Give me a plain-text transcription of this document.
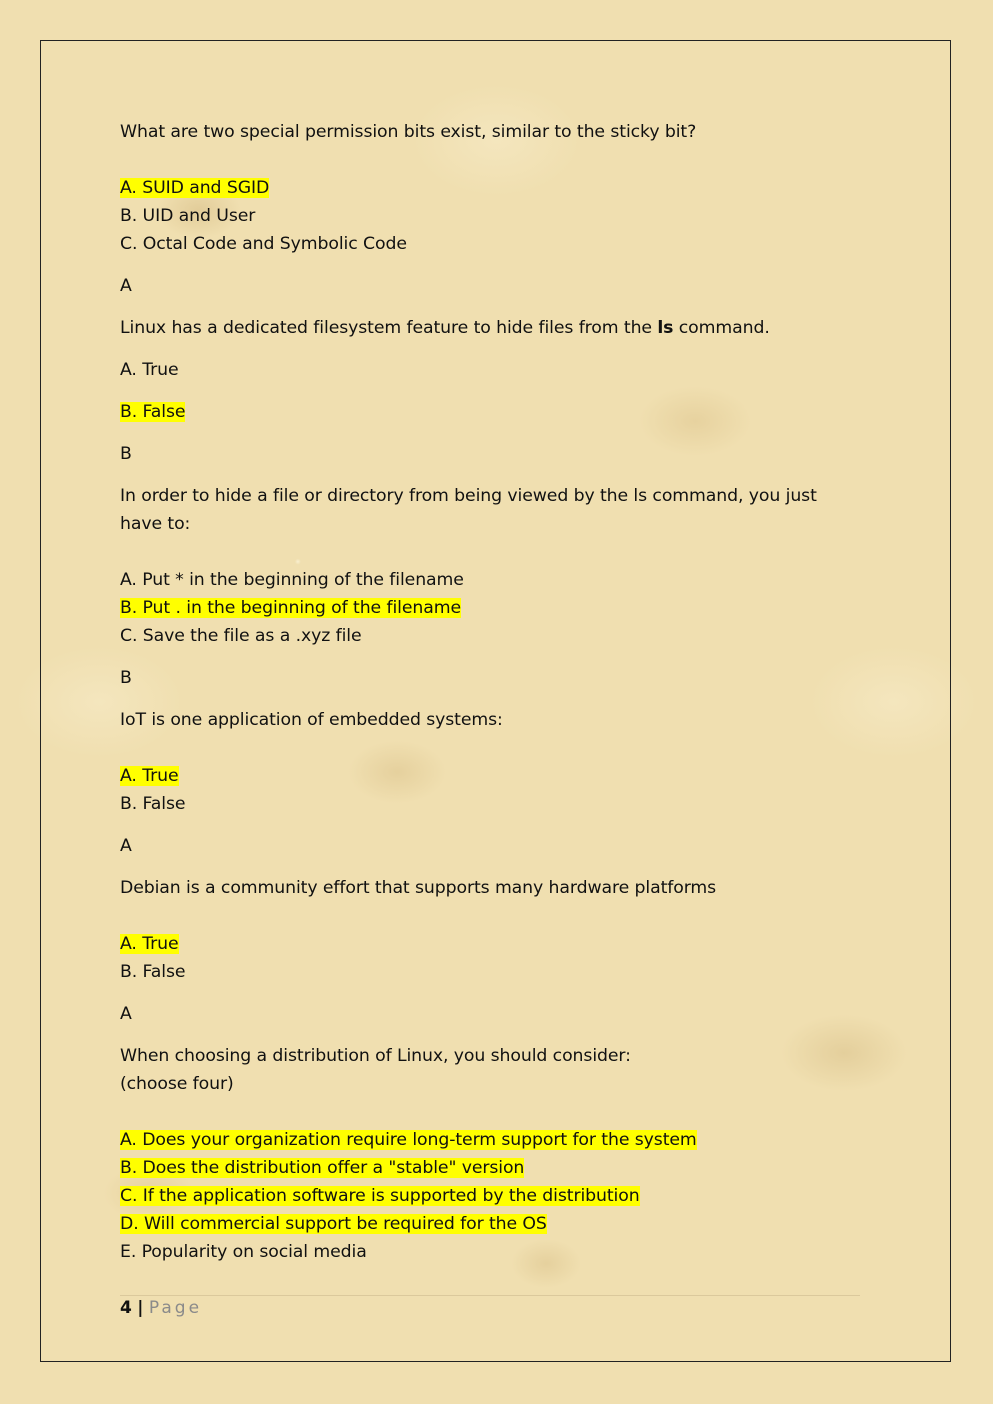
What are two special permission bits exist, similar to the sticky bit?
A. SUID and SGID
B. UID and User
C. Octal Code and Symbolic Code
A
Linux has a dedicated filesystem feature to hide files from the ls command.
A. True
B. False
B
In order to hide a file or directory from being viewed by the ls command, you just have to:
A. Put * in the beginning of the filename
B. Put . in the beginning of the filename
C. Save the file as a .xyz file
B
IoT is one application of embedded systems:
A. True
B. False
A
Debian is a community effort that supports many hardware platforms
A. True
B. False
A
When choosing a distribution of Linux, you should consider:
(choose four)
A. Does your organization require long-term support for the system
B. Does the distribution offer a "stable" version
C. If the application software is supported by the distribution
D. Will commercial support be required for the OS
E. Popularity on social media
4 | Page
